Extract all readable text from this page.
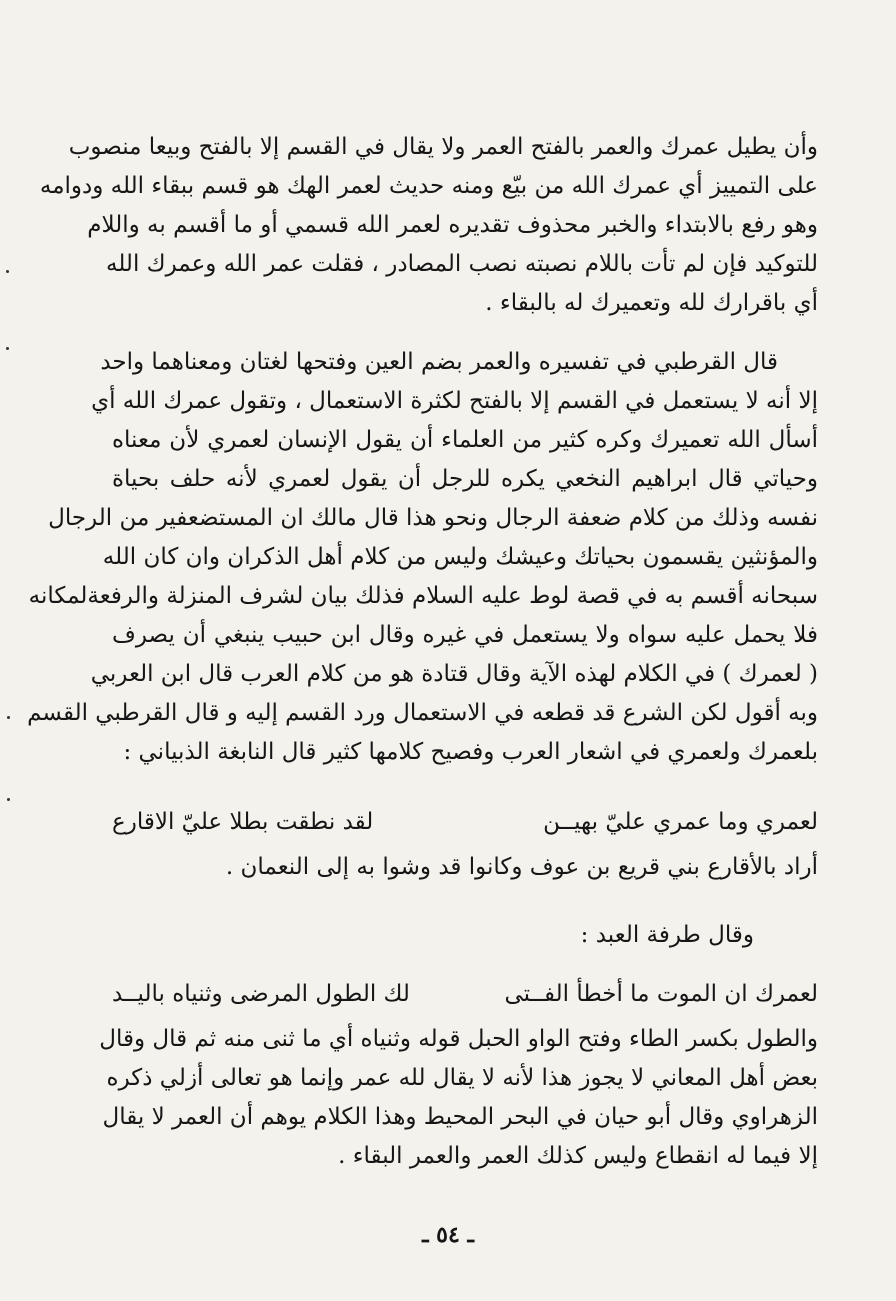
وأن يطيل عمرك والعمر بالفتح العمر ولا يقال في القسم إلا بالفتح وبيعا منصوب
على التمييز أي عمرك الله من بيّع ومنه حديث لعمر الهك هو قسم ببقاء الله ودوامه
وهو رفع بالابتداء والخبر محذوف تقديره لعمر الله قسمي أو ما أقسم به واللام
للتوكيد فإن لم تأت باللام نصبته نصب المصادر ، فقلت عمر الله وعمرك الله
أي باقرارك لله وتعميرك له بالبقاء .
قال القرطبي في تفسيره والعمر بضم العين وفتحها لغتان ومعناهما واحد
إلا أنه لا يستعمل في القسم إلا بالفتح لكثرة الاستعمال ، وتقول عمرك الله أي
أسأل الله تعميرك وكره كثير من العلماء أن يقول الإنسان لعمري لأن معناه
وحياتي قال ابراهيم النخعي يكره للرجل أن يقول لعمري لأنه حلف بحياة
نفسه وذلك من كلام ضعفة الرجال ونحو هذا قال مالك ان المستضعفير من الرجال
والمؤنثين يقسمون بحياتك وعيشك وليس من كلام أهل الذكران وان كان الله
سبحانه أقسم به في قصة لوط عليه السلام فذلك بيان لشرف المنزلة والرفعةلمكانه
فلا يحمل عليه سواه ولا يستعمل في غيره وقال ابن حبيب ينبغي أن يصرف
( لعمرك ) في الكلام لهذه الآية وقال قتادة هو من كلام العرب قال ابن العربي
وبه أقول لكن الشرع قد قطعه في الاستعمال ورد القسم إليه و قال القرطبي القسم
بلعمرك ولعمري في اشعار العرب وفصيح كلامها كثير قال النابغة الذبياني :
لعمري وما عمري عليّ بهيــن
لقد نطقت بطلا عليّ الاقارع
أراد بالأقارع بني قريع بن عوف وكانوا قد وشوا به إلى النعمان .
وقال طرفة العبد :
لعمرك ان الموت ما أخطأ الفــتى
لك الطول المرضى وثنياه باليــد
والطول بكسر الطاء وفتح الواو الحبل قوله وثنياه أي ما ثنى منه ثم قال وقال
بعض أهل المعاني لا يجوز هذا لأنه لا يقال لله عمر وإنما هو تعالى أزلي ذكره
الزهراوي وقال أبو حيان في البحر المحيط وهذا الكلام يوهم أن العمر لا يقال
إلا فيما له انقطاع وليس كذلك العمر والعمر البقاء .
ـ ٥٤ ـ
